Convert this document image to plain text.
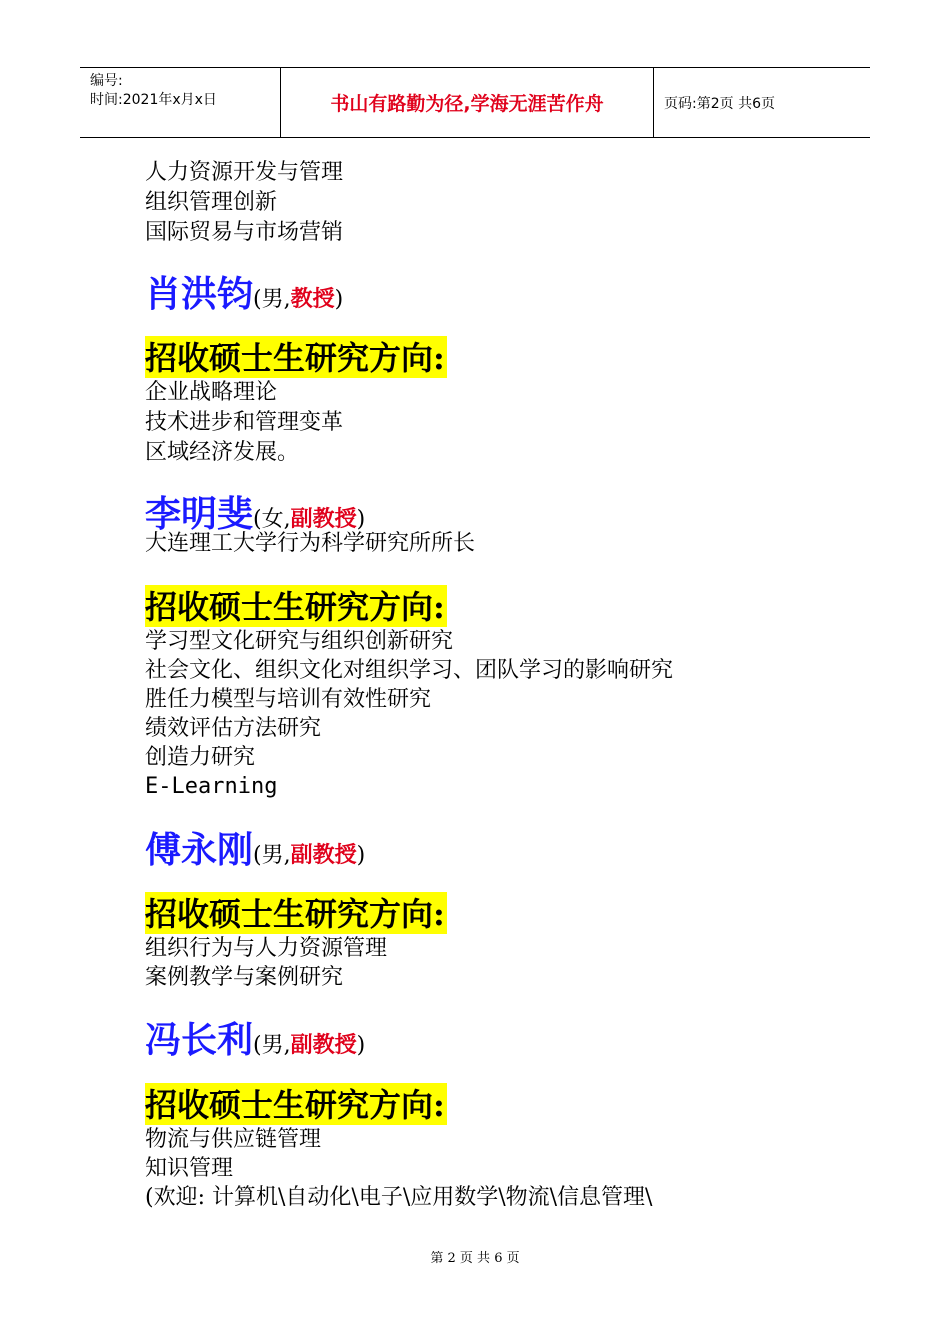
编号:
时间:2021年x月x日	书山有路勤为径,学海无涯苦作舟	页码:第2页 共6页
人力资源开发与管理
组织管理创新
国际贸易与市场营销
肖洪钧(男,教授)
招收硕士生研究方向:
企业战略理论
技术进步和管理变革
区域经济发展。
李明斐(女,副教授)
大连理工大学行为科学研究所所长
招收硕士生研究方向:
学习型文化研究与组织创新研究
社会文化、组织文化对组织学习、团队学习的影响研究
胜任力模型与培训有效性研究
绩效评估方法研究
创造力研究
E-Learning
傅永刚(男,副教授)
招收硕士生研究方向:
组织行为与人力资源管理
案例教学与案例研究
冯长利(男,副教授)
招收硕士生研究方向:
物流与供应链管理
知识管理
(欢迎: 计算机\自动化\电子\应用数学\物流\信息管理\
第 2 页 共 6 页
